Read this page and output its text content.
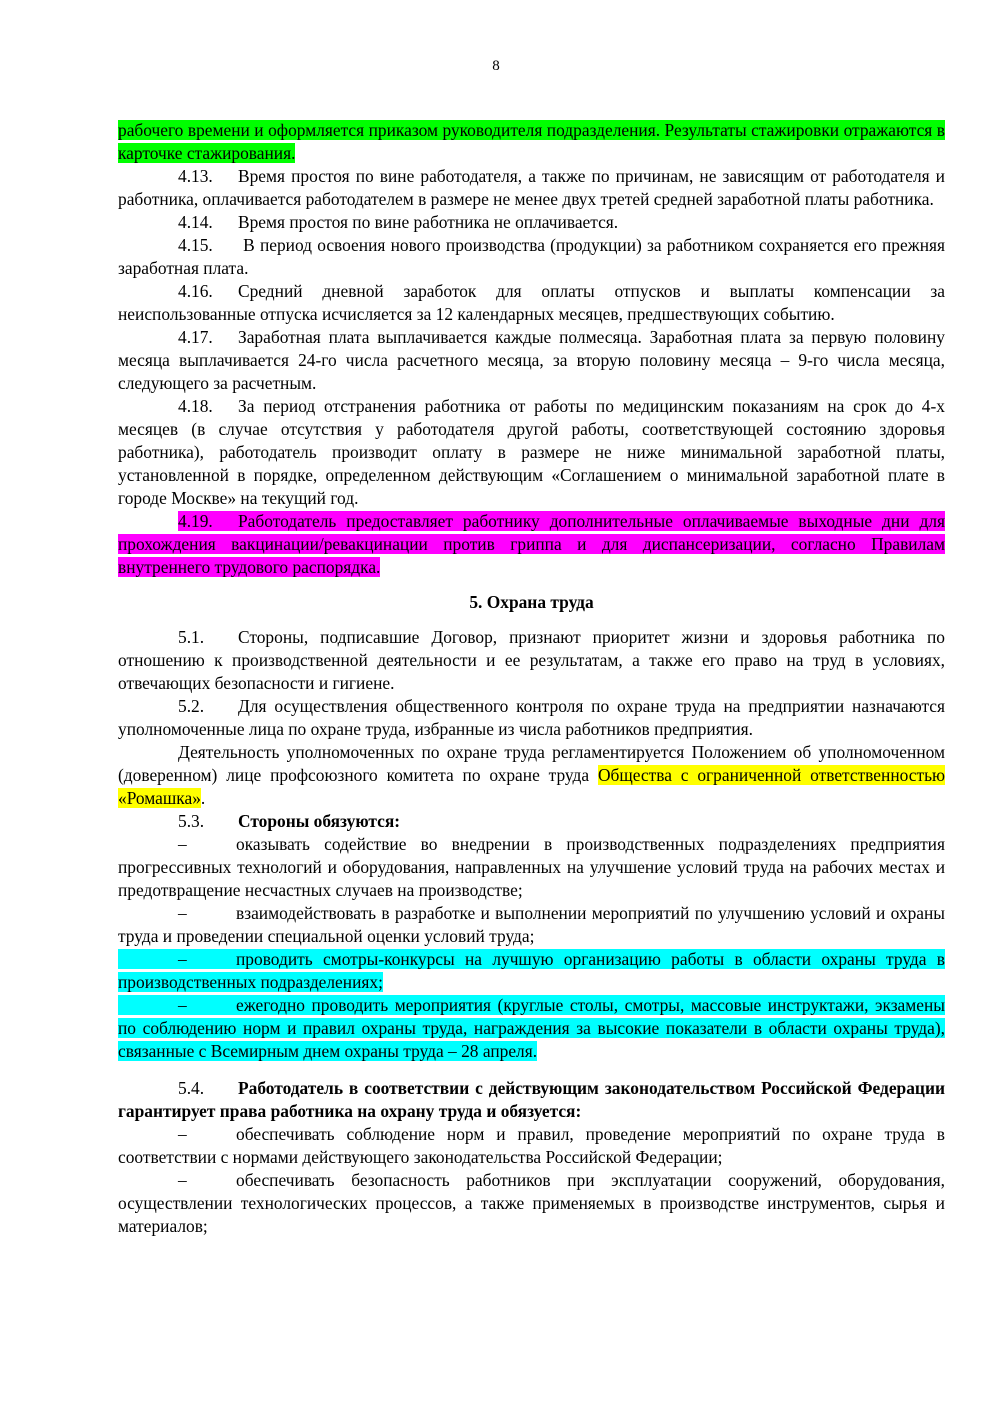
8

рабочего времени и оформляется приказом руководителя подразделения. Результаты стажировки отражаются в карточке стажирования.

4.13. Время простоя по вине работодателя, а также по причинам, не зависящим от работодателя и работника, оплачивается работодателем в размере не менее двух третей средней заработной платы работника.

4.14. Время простоя по вине работника не оплачивается.

4.15. В период освоения нового производства (продукции) за работником сохраняется его прежняя заработная плата.

4.16. Средний дневной заработок для оплаты отпусков и выплаты компенсации за неиспользованные отпуска исчисляется за 12 календарных месяцев, предшествующих событию.

4.17. Заработная плата выплачивается каждые полмесяца. Заработная плата за первую половину месяца выплачивается 24-го числа расчетного месяца, за вторую половину месяца – 9-го числа месяца, следующего за расчетным.

4.18. За период отстранения работника от работы по медицинским показаниям на срок до 4-х месяцев (в случае отсутствия у работодателя другой работы, соответствующей состоянию здоровья работника), работодатель производит оплату в размере не ниже минимальной заработной платы, установленной в порядке, определенном действующим «Соглашением о минимальной заработной плате в городе Москве» на текущий год.

4.19. Работодатель предоставляет работнику дополнительные оплачиваемые выходные дни для прохождения вакцинации/ревакцинации против гриппа и для диспансеризации, согласно Правилам внутреннего трудового распорядка.

5. Охрана труда

5.1. Стороны, подписавшие Договор, признают приоритет жизни и здоровья работника по отношению к производственной деятельности и ее результатам, а также его право на труд в условиях, отвечающих безопасности и гигиене.

5.2. Для осуществления общественного контроля по охране труда на предприятии назначаются уполномоченные лица по охране труда, избранные из числа работников предприятия.

Деятельность уполномоченных по охране труда регламентируется Положением об уполномоченном (доверенном) лице профсоюзного комитета по охране труда Общества с ограниченной ответственностью «Ромашка».

5.3. Стороны обязуются:

–	оказывать содействие во внедрении в производственных подразделениях предприятия прогрессивных технологий и оборудования, направленных на улучшение условий труда на рабочих местах и предотвращение несчастных случаев на производстве;

–	взаимодействовать в разработке и выполнении мероприятий по улучшению условий и охраны труда и проведении специальной оценки условий труда;

–	проводить смотры-конкурсы на лучшую организацию работы в области охраны труда в производственных подразделениях;

–	ежегодно проводить мероприятия (круглые столы, смотры, массовые инструктажи, экзамены по соблюдению норм и правил охраны труда, награждения за высокие показатели в области охраны труда), связанные с Всемирным днем охраны труда – 28 апреля.

5.4. Работодатель в соответствии с действующим законодательством Российской Федерации гарантирует права работника на охрану труда и обязуется:

–	обеспечивать соблюдение норм и правил, проведение мероприятий по охране труда в соответствии с нормами действующего законодательства Российской Федерации;

–	обеспечивать безопасность работников при эксплуатации сооружений, оборудования, осуществлении технологических процессов, а также применяемых в производстве инструментов, сырья и материалов;
